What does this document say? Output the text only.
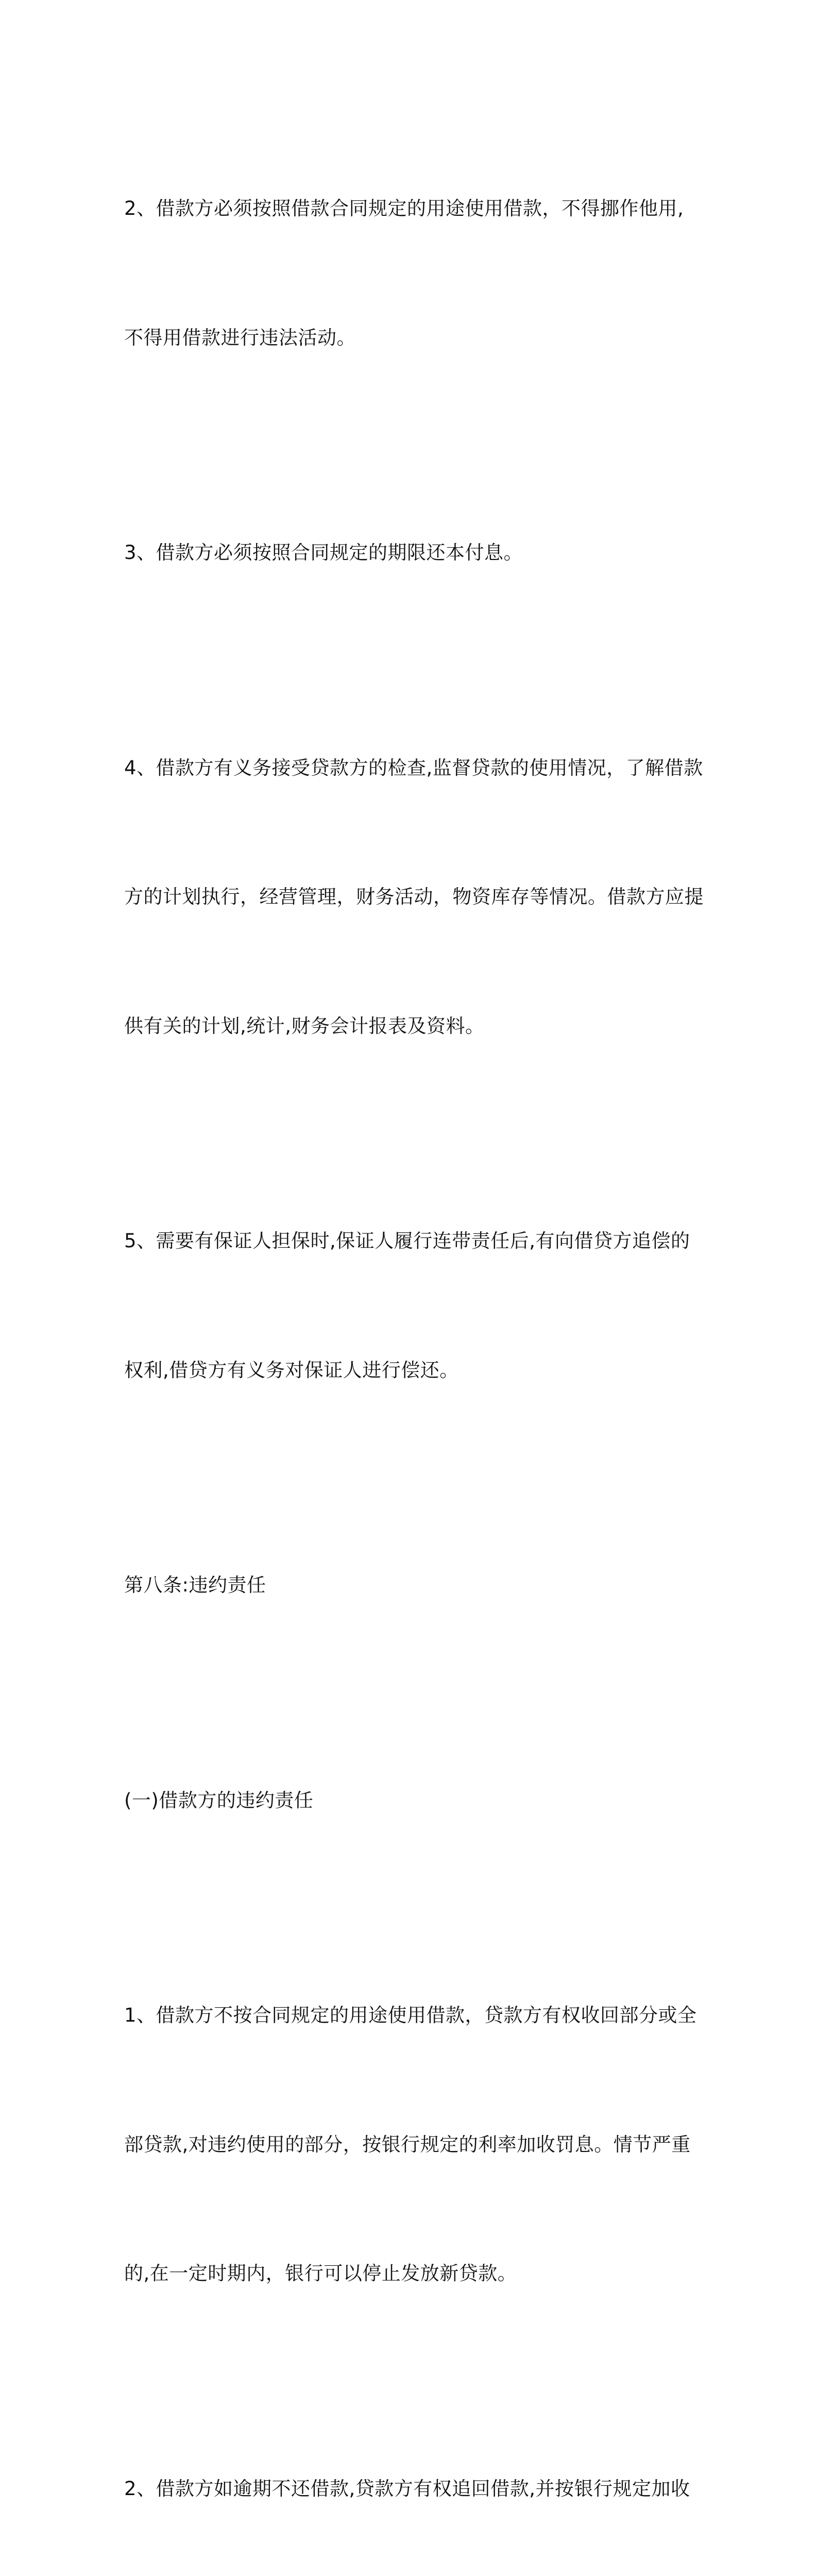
2、借款方必须按照借款合同规定的用途使用借款，不得挪作他用,

不得用借款进行违法活动。

3、借款方必须按照合同规定的期限还本付息。

4、借款方有义务接受贷款方的检查,监督贷款的使用情况，了解借款

方的计划执行，经营管理，财务活动，物资库存等情况。借款方应提

供有关的计划,统计,财务会计报表及资料。

5、需要有保证人担保时,保证人履行连带责任后,有向借贷方追偿的

权利,借贷方有义务对保证人进行偿还。

第八条:违约责任

(一)借款方的违约责任

1、借款方不按合同规定的用途使用借款，贷款方有权收回部分或全

部贷款,对违约使用的部分，按银行规定的利率加收罚息。情节严重

的,在一定时期内，银行可以停止发放新贷款。

2、借款方如逾期不还借款,贷款方有权追回借款,并按银行规定加收
